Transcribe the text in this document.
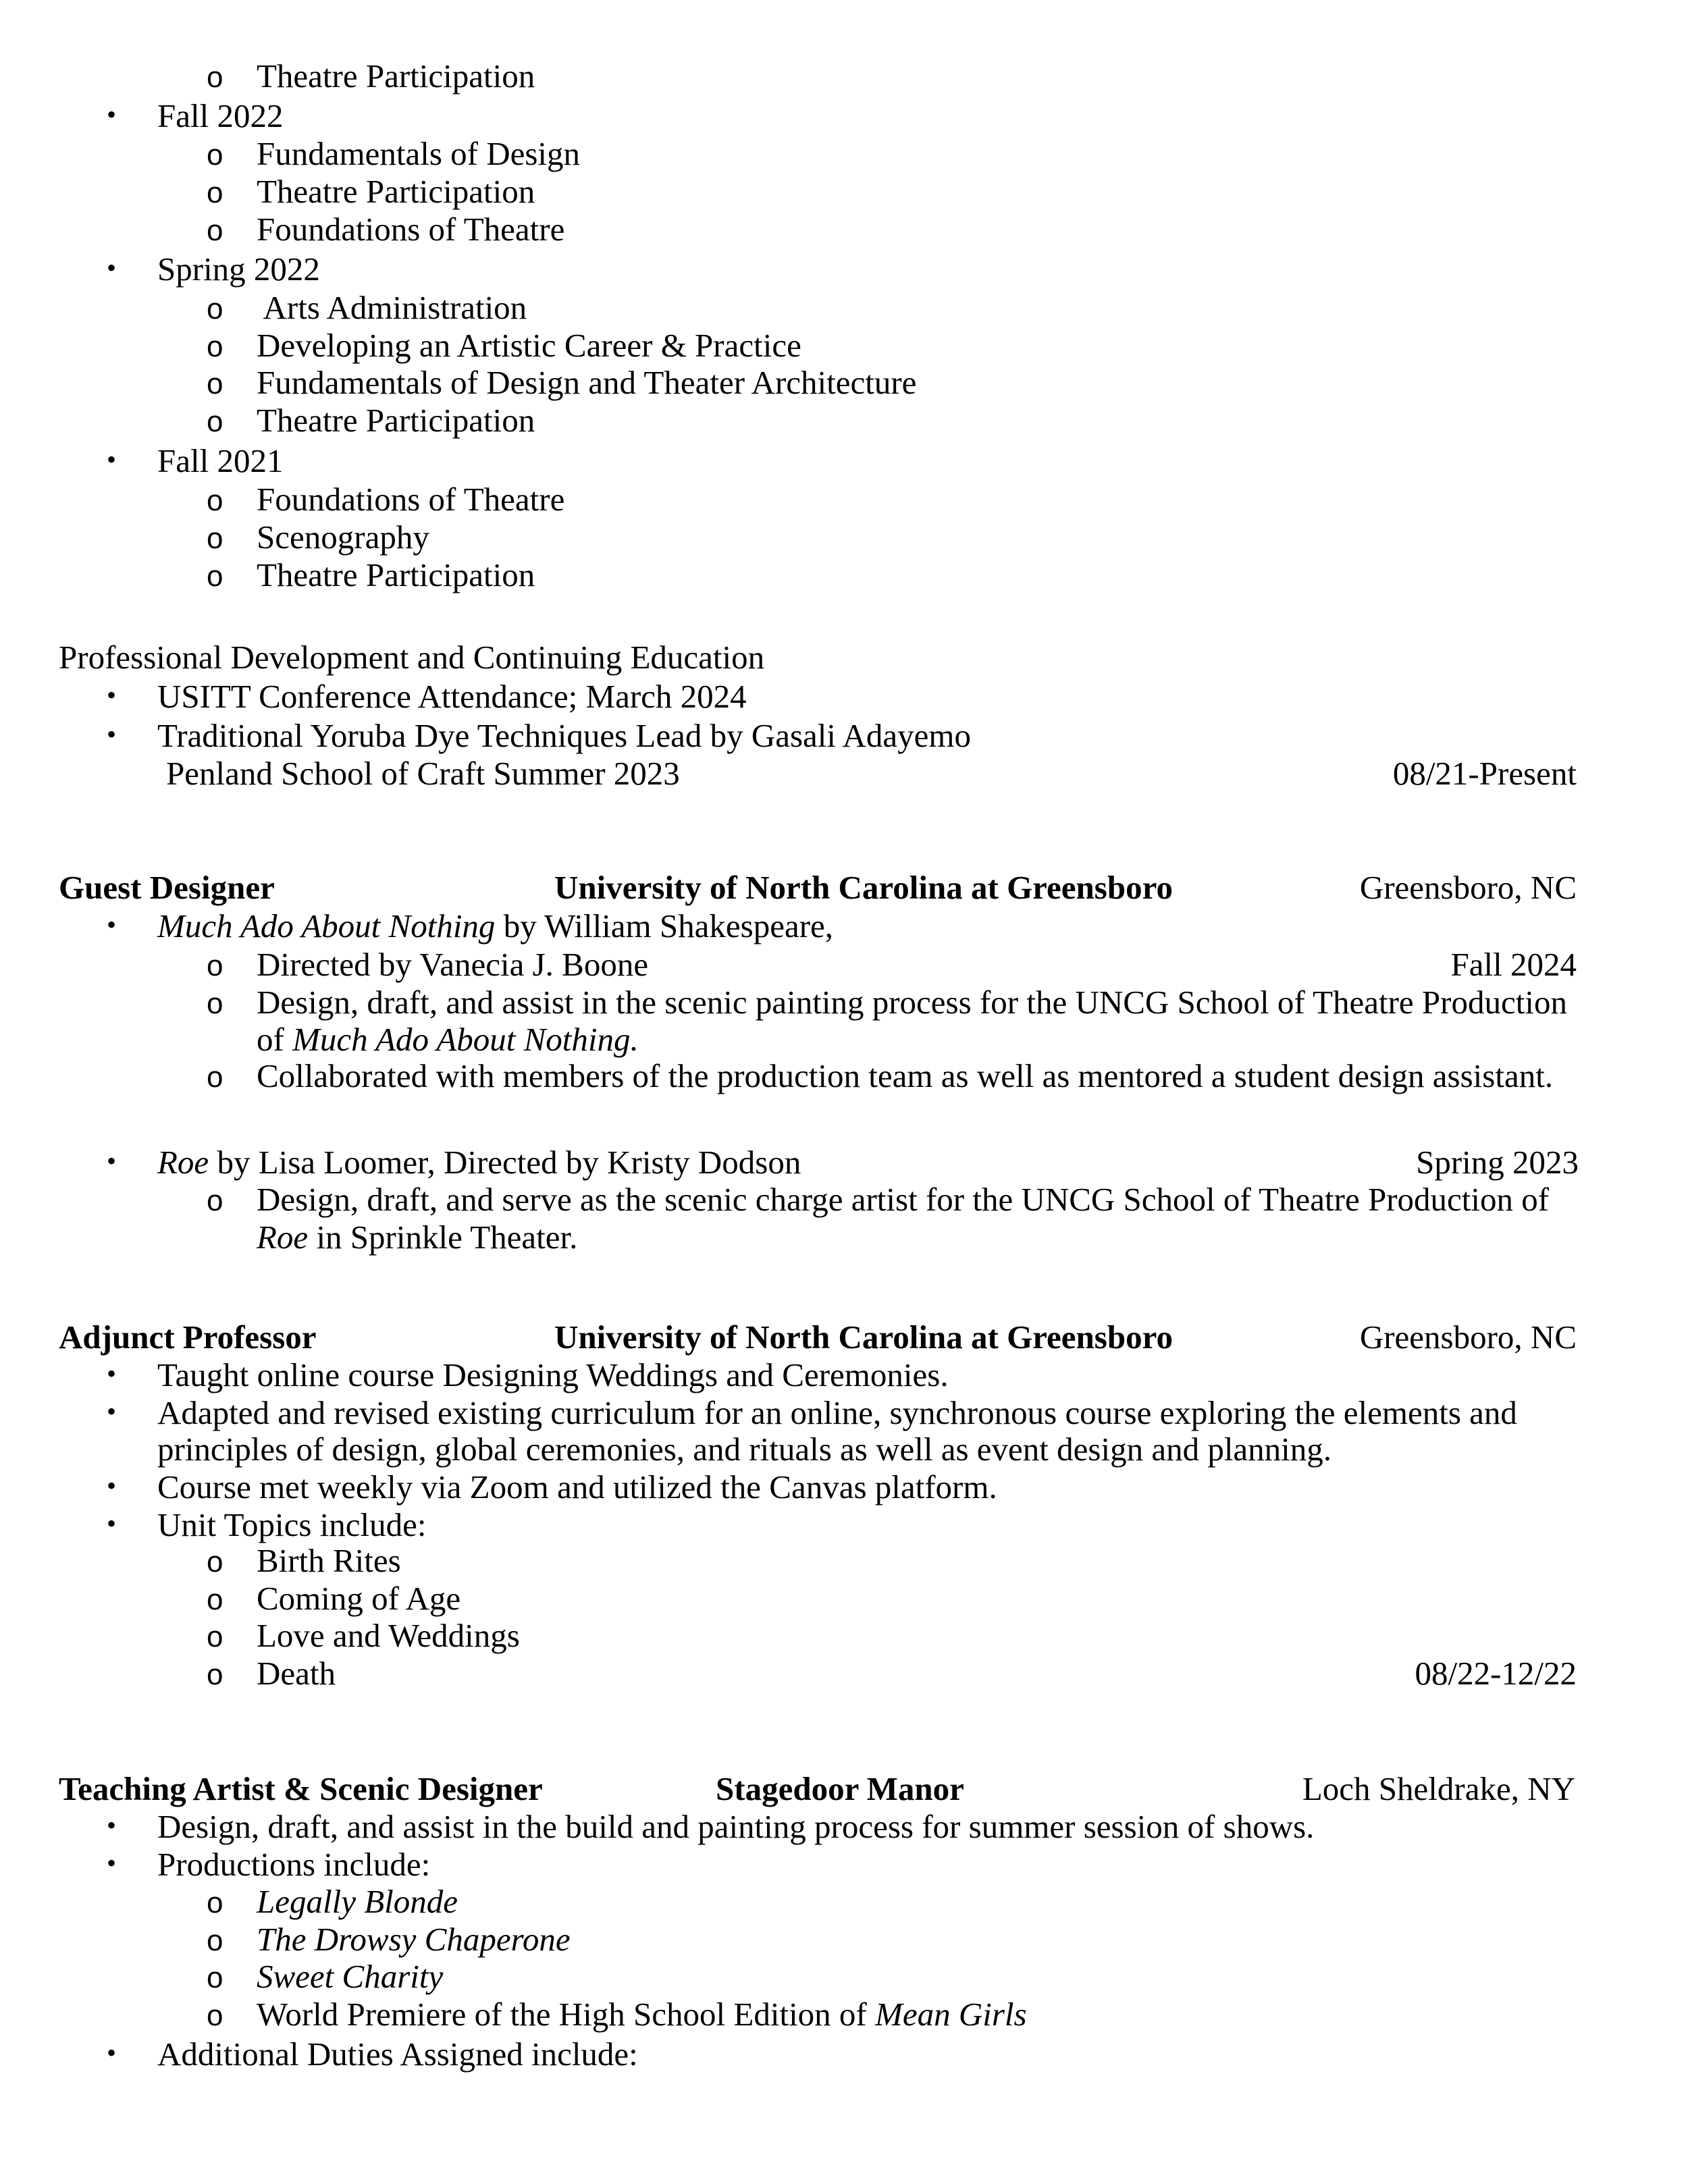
o Theatre Participation
• Fall 2022
o Fundamentals of Design
o Theatre Participation
o Foundations of Theatre
• Spring 2022
o Arts Administration
o Developing an Artistic Career & Practice
o Fundamentals of Design and Theater Architecture
o Theatre Participation
• Fall 2021
o Foundations of Theatre
o Scenography
o Theatre Participation
Professional Development and Continuing Education
• USITT Conference Attendance; March 2024
• Traditional Yoruba Dye Techniques Lead by Gasali Adayemo
Penland School of Craft Summer 2023	08/21-Present
Guest Designer	University of North Carolina at Greensboro	Greensboro, NC
• Much Ado About Nothing by William Shakespeare,
o Directed by Vanecia J. Boone	Fall 2024
o Design, draft, and assist in the scenic painting process for the UNCG School of Theatre Production
of Much Ado About Nothing.
o Collaborated with members of the production team as well as mentored a student design assistant.
• Roe by Lisa Loomer, Directed by Kristy Dodson	Spring 2023
o Design, draft, and serve as the scenic charge artist for the UNCG School of Theatre Production of
Roe in Sprinkle Theater.
Adjunct Professor	University of North Carolina at Greensboro	Greensboro, NC
• Taught online course Designing Weddings and Ceremonies.
• Adapted and revised existing curriculum for an online, synchronous course exploring the elements and
principles of design, global ceremonies, and rituals as well as event design and planning.
• Course met weekly via Zoom and utilized the Canvas platform.
• Unit Topics include:
o Birth Rites
o Coming of Age
o Love and Weddings
o Death	08/22-12/22
Teaching Artist & Scenic Designer	Stagedoor Manor	Loch Sheldrake, NY
• Design, draft, and assist in the build and painting process for summer session of shows.
• Productions include:
o Legally Blonde
o The Drowsy Chaperone
o Sweet Charity
o World Premiere of the High School Edition of Mean Girls
• Additional Duties Assigned include:
